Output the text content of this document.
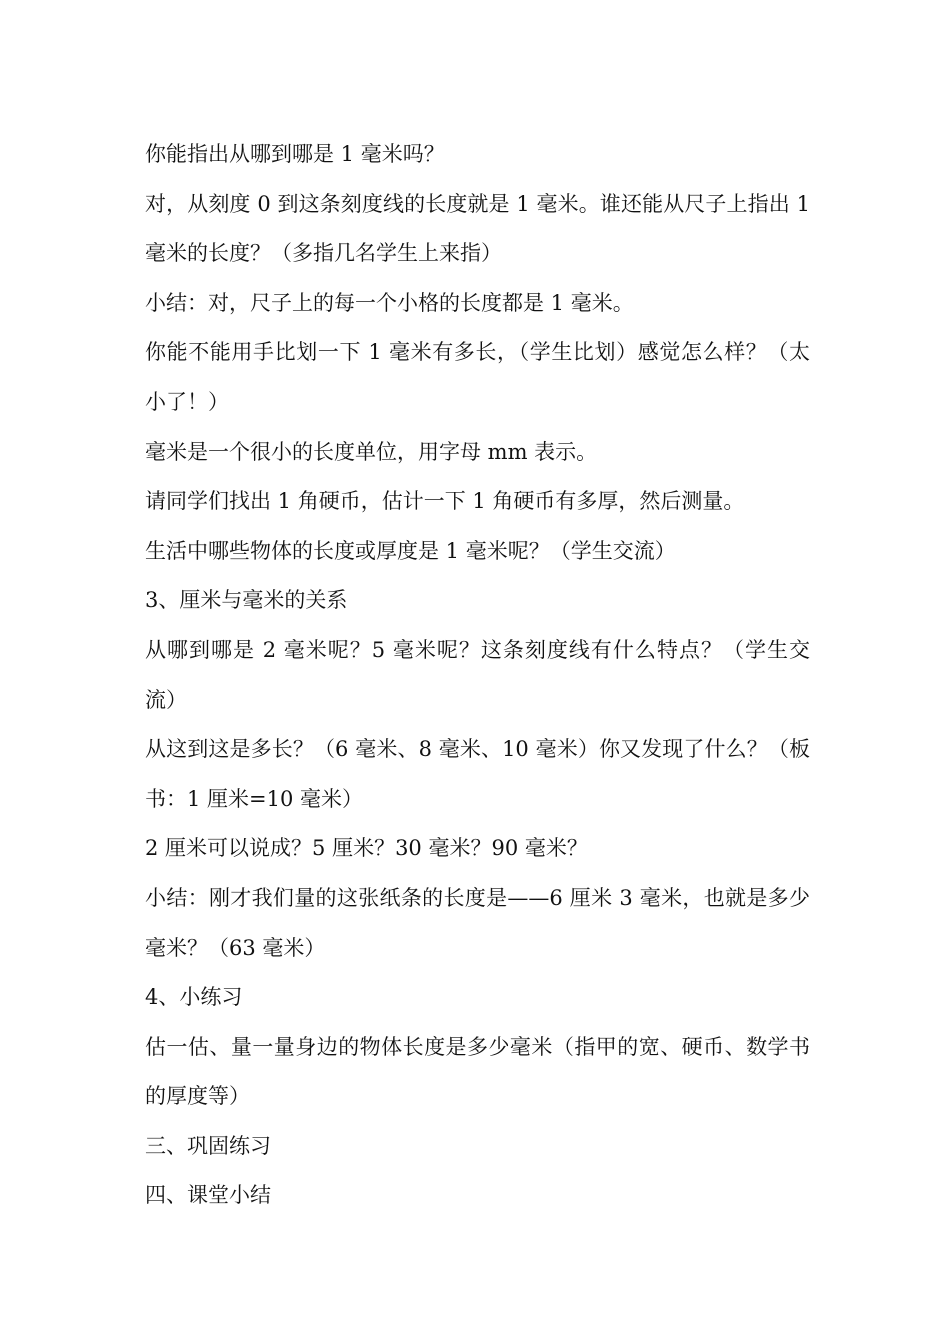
你能指出从哪到哪是 1 毫米吗？

对，从刻度 0 到这条刻度线的长度就是 1 毫米。谁还能从尺子上指出 1 毫米的长度？（多指几名学生上来指）

小结：对，尺子上的每一个小格的长度都是 1 毫米。

你能不能用手比划一下 1 毫米有多长，（学生比划）感觉怎么样？（太小了！）

毫米是一个很小的长度单位，用字母 mm 表示。

请同学们找出 1 角硬币，估计一下 1 角硬币有多厚，然后测量。

生活中哪些物体的长度或厚度是 1 毫米呢？（学生交流）

3、厘米与毫米的关系

从哪到哪是 2 毫米呢？5 毫米呢？这条刻度线有什么特点？（学生交流）

从这到这是多长？（6 毫米、8 毫米、10 毫米）你又发现了什么？（板书：1 厘米=10 毫米）

2 厘米可以说成？5 厘米？30 毫米？90 毫米？

小结：刚才我们量的这张纸条的长度是——6 厘米 3 毫米，也就是多少毫米？（63 毫米）

4、小练习

估一估、量一量身边的物体长度是多少毫米（指甲的宽、硬币、数学书的厚度等）

三、巩固练习

四、课堂小结
